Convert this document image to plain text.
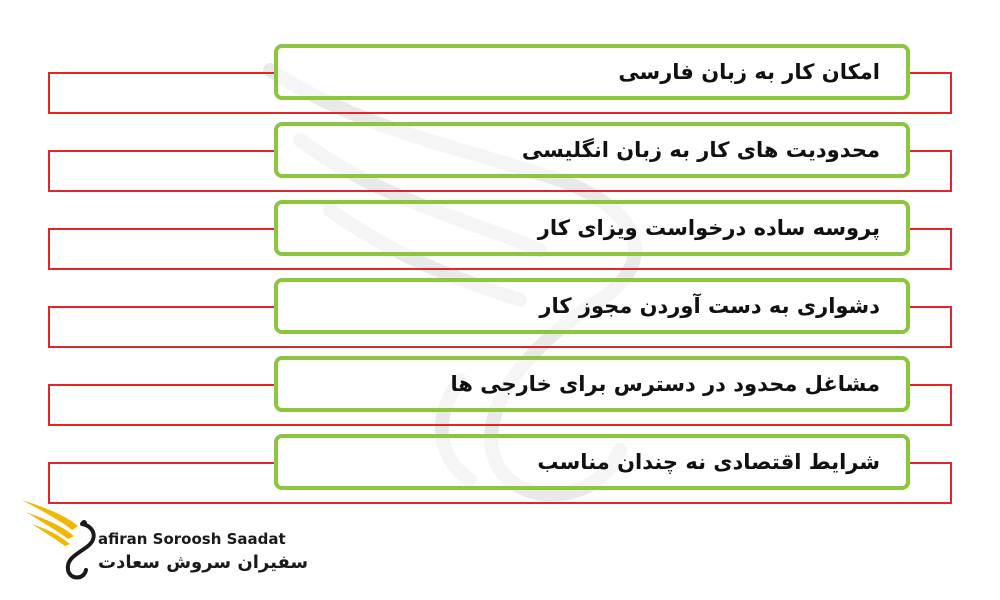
امکان کار به زبان فارسی
محدودیت های کار به زبان انگلیسی
پروسه ساده درخواست ویزای کار
دشواری به دست آوردن مجوز کار
مشاغل محدود در دسترس برای خارجی ها
شرایط اقتصادی نه چندان مناسب
afiran Soroosh Saadat
سفیران سروش سعادت
